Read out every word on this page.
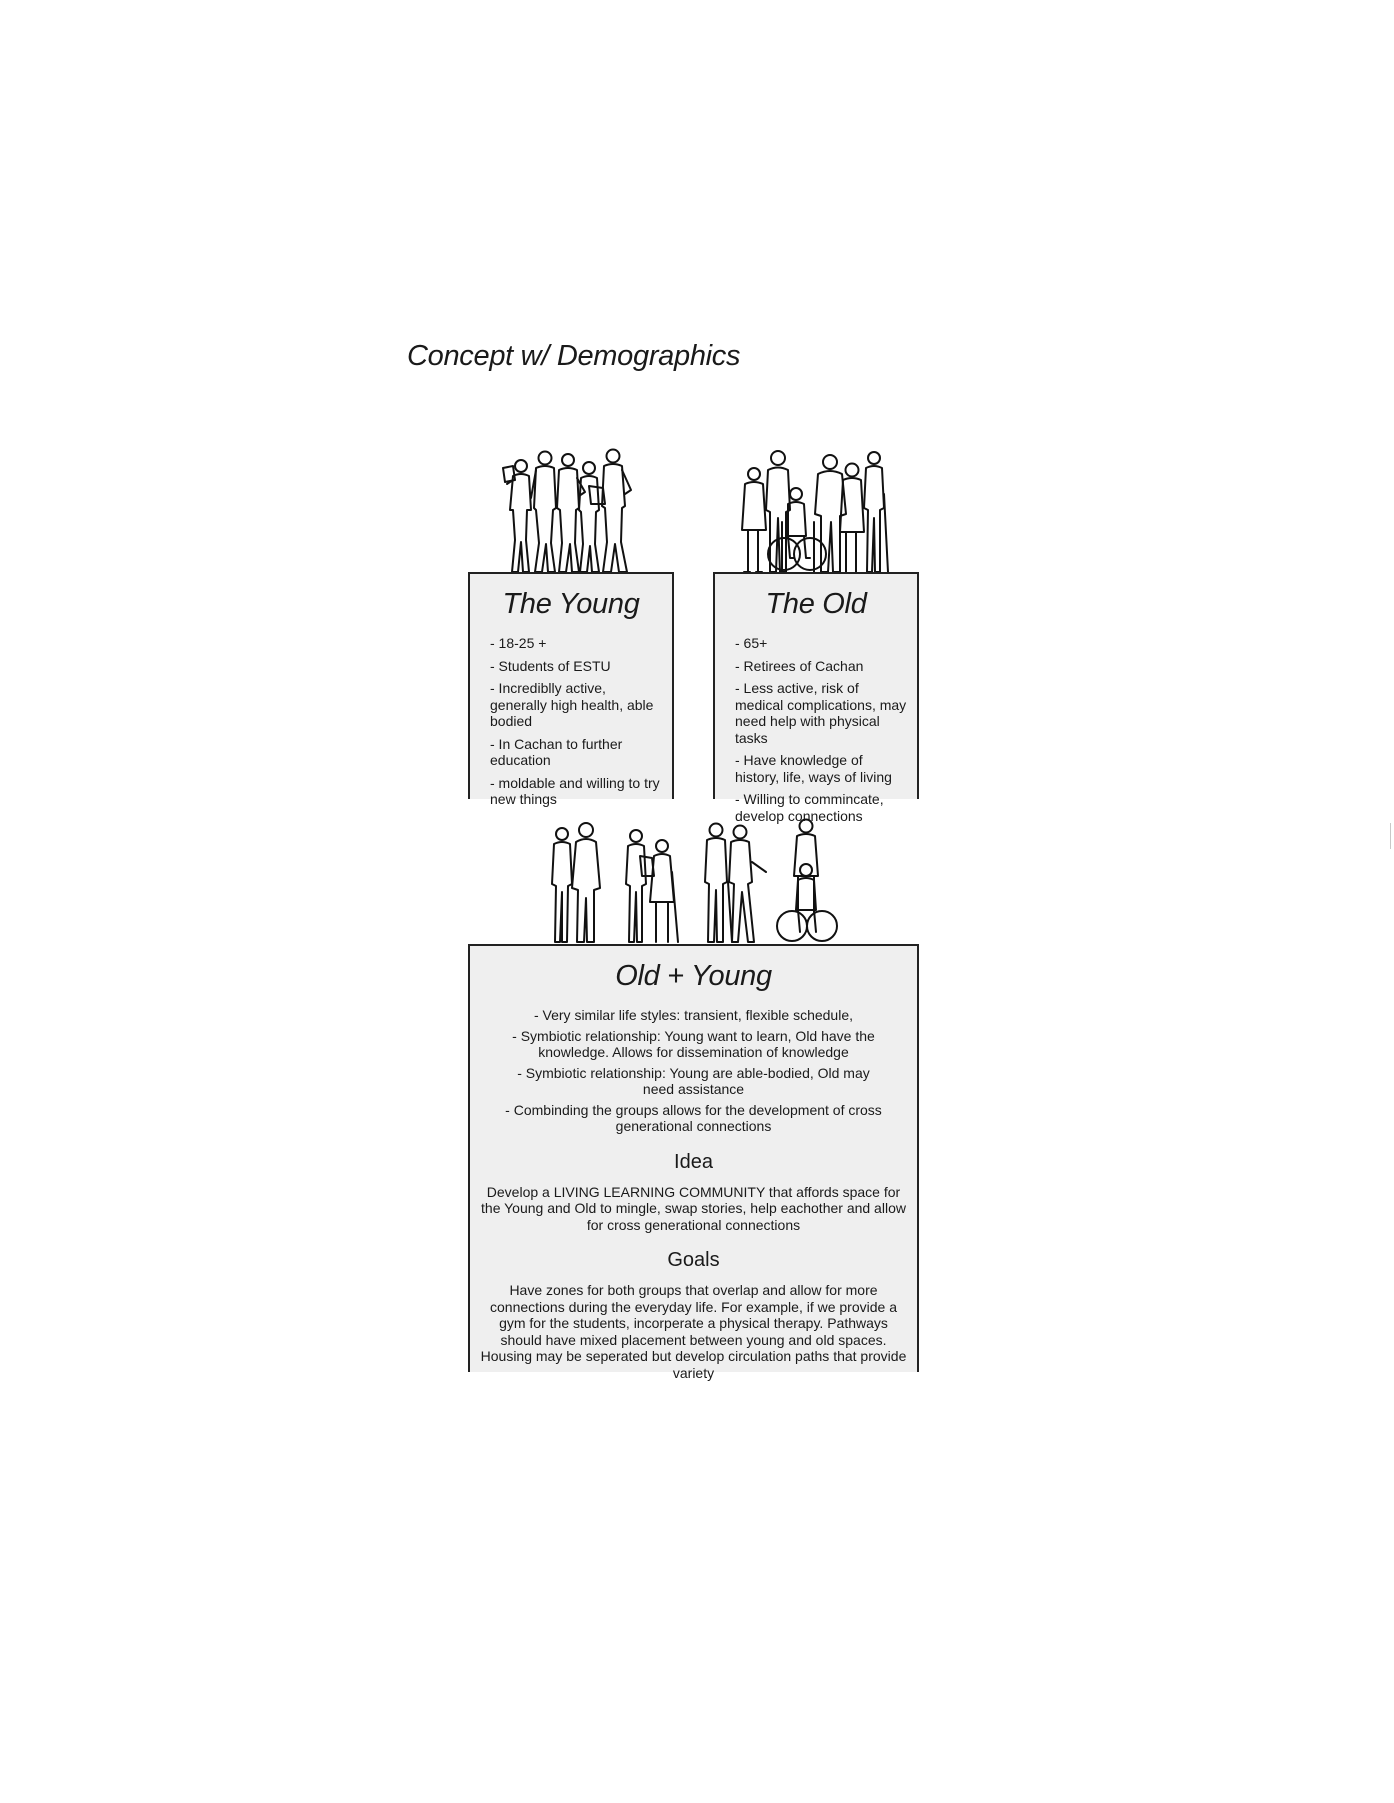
Concept w/ Demographics
The Young
- 18-25 +
- Students of ESTU
- Incrediblly active, generally high health, able bodied
- In Cachan to further education
- moldable and willing to try new things
The Old
- 65+
- Retirees of Cachan
- Less active, risk of medical complications, may need help with physical tasks
- Have knowledge of history, life, ways of living
- Willing to commincate, develop connections
Old + Young
- Very similar life styles: transient, flexible schedule,
- Symbiotic relationship: Young want to learn, Old have the knowledge. Allows for dissemination of knowledge
- Symbiotic relationship: Young are able-bodied, Old may need assistance
- Combinding the groups allows for the development of cross generational connections
Idea

Develop a LIVING LEARNING COMMUNITY that affords space for the Young and Old to mingle, swap stories, help eachother and allow for cross generational connections

Goals

Have zones for both groups that overlap and allow for more connections during the everyday life. For example, if we provide a gym for the students, incorperate a physical therapy. Pathways should have mixed placement between young and old spaces. Housing may be seperated but develop circulation paths that provide variety
